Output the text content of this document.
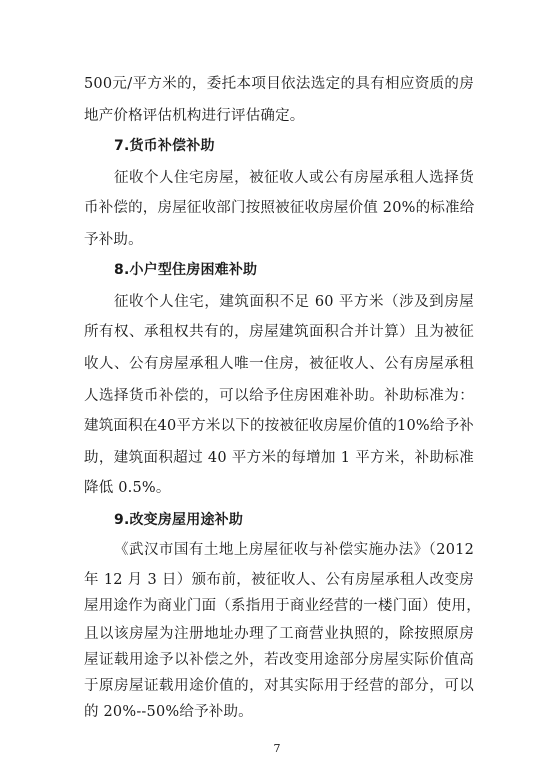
500元/平方米的，委托本项目依法选定的具有相应资质的房
地产价格评估机构进行评估确定。
7.货币补偿补助
征收个人住宅房屋，被征收人或公有房屋承租人选择货
币补偿的，房屋征收部门按照被征收房屋价值 20%的标准给
予补助。
8.小户型住房困难补助
征收个人住宅，建筑面积不足 60 平方米（涉及到房屋
所有权、承租权共有的，房屋建筑面积合并计算）且为被征
收人、公有房屋承租人唯一住房，被征收人、公有房屋承租
人选择货币补偿的，可以给予住房困难补助。补助标准为：
建筑面积在40平方米以下的按被征收房屋价值的10%给予补
助，建筑面积超过 40 平方米的每增加 1 平方米，补助标准
降低 0.5%。
9.改变房屋用途补助
《武汉市国有土地上房屋征收与补偿实施办法》（2012
年 12 月 3 日）颁布前，被征收人、公有房屋承租人改变房
屋用途作为商业门面（系指用于商业经营的一楼门面）使用，
且以该房屋为注册地址办理了工商营业执照的，除按照原房
屋证载用途予以补偿之外，若改变用途部分房屋实际价值高
于原房屋证载用途价值的，对其实际用于经营的部分，可以
的 20%--50%给予补助。
7
